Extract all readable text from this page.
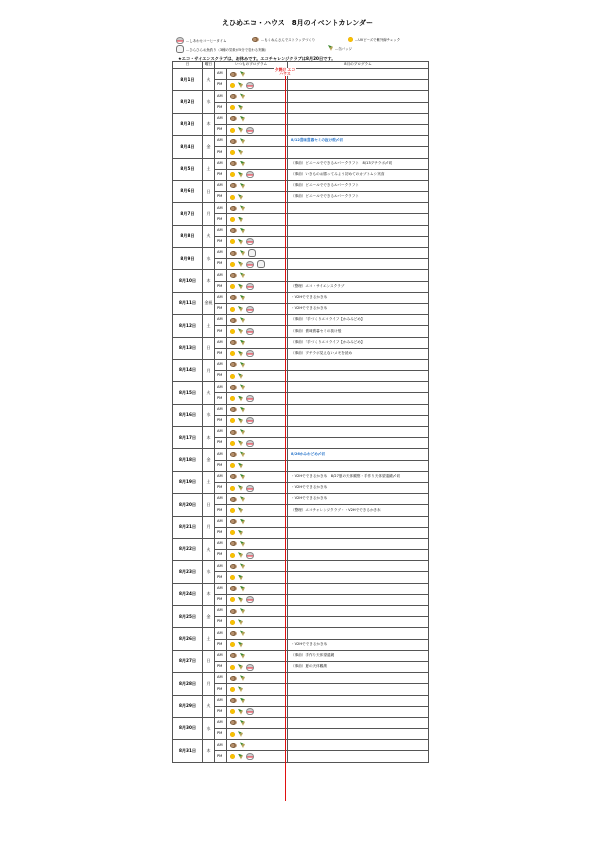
えひめエコ・ハウス　8月のイベントカレンダー
…しあわせコーヒータイム	…もくねんさんでストラップづくり	…UVビーズで紫外線チェック
…ひらひらお魚釣り（3種の気象が5分で変わる実験）	…缶バッジ
★エコ・サイエンスクラブは、お休みです。エコチャレンジクラブは8月20日です。
日	曜日	いつものプログラム		8月のプログラム
8月1日	火	AM		
		PM		
8月2日	水	AM		
		PM		
8月3日	木	AM		
		PM		
8月4日	金	AM		8/12貴味貴暮セミの抜け殻〆切
		PM		
8月5日	土	AM		（事前）ビニールでできるルパークラフト　8/13プチラボ〆切
		PM		（事前）いきものお勝ってみよう初めてのカブトムシ実食
8月6日	日	AM		（事前）ビニールでできるルパークラフト
		PM		（事前）ビニールでできるルパークラフト
8月7日	月	AM		
		PM		
8月8日	火	AM		
		PM		
8月9日	水	AM		
		PM		
8月10日	木	AM		
		PM		（整理）エコ・サイエンスクラブ
8月11日	金祝	AM		・V2Hでできるかき氷
		PM		・V2Hでできるかき氷
8月12日	土	AM		（事前）「手づくりエコライフ【かみみどめ】
		PM		（事前）貴味貴暮セミの抜け殻
8月13日	日	AM		（事前）「手づくりエコライフ【かみみどめ】
		PM		（事前）プチラボ見えないメモを読め
8月14日	月	AM		
		PM		
8月15日	火	AM		
		PM		
8月16日	水	AM		
		PM		
8月17日	木	AM		
		PM		
8月18日	金	AM		8/26かみわどめ〆切
		PM		
8月19日	土	AM		・V2Hでできるかき氷　8/27夏の天体観察・手作り天体望遠鏡〆切
		PM		・V2Hでできるかき氷
8月20日	日	AM		・V2Hでできるかき氷
		PM		（整理）エコチャレンジクラブ・・V2Hでできるかき氷
8月21日	月	AM		
		PM		
8月22日	火	AM		
		PM		
8月23日	水	AM		
		PM		
8月24日	木	AM		
		PM		
8月25日	金	AM		
		PM		
8月26日	土	AM		
		PM		・V2Hでできるかき氷
8月27日	日	AM		（事前）手作り天体望遠鏡
		PM		（事前）夏の天体観測
8月28日	月	AM		
		PM		
8月29日	火	AM		
		PM		
8月30日	水	AM		
		PM		
8月31日	木	AM		
		PM		
夕焼け エコハウス
